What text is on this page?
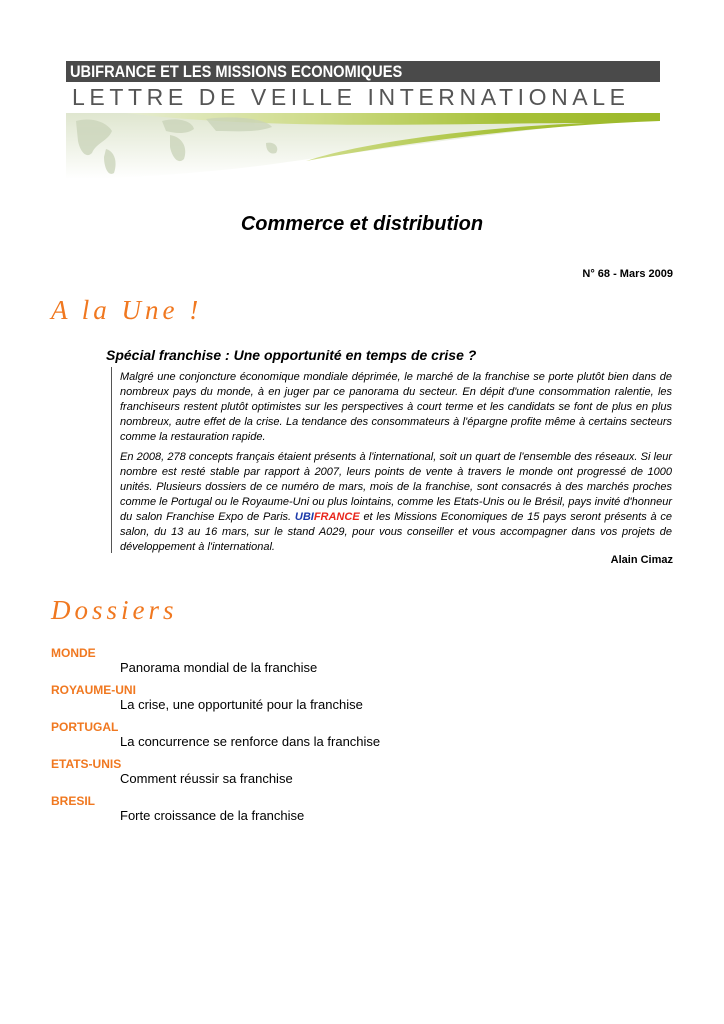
UBIFRANCE ET LES MISSIONS ECONOMIQUES
LETTRE DE VEILLE INTERNATIONALE
Commerce et distribution
N° 68 - Mars 2009
A la Une !
Spécial franchise : Une opportunité en temps de crise ?

Malgré une conjoncture économique mondiale déprimée, le marché de la franchise se porte plutôt bien dans de nombreux pays du monde, à en juger par ce panorama du secteur. En dépit d'une consommation ralentie, les franchiseurs restent plutôt optimistes sur les perspectives à court terme et les candidats se font de plus en plus nombreux, autre effet de la crise. La tendance des consommateurs à l'épargne profite même à certains secteurs comme la restauration rapide.

En 2008, 278 concepts français étaient présents à l'international, soit un quart de l'ensemble des réseaux. Si leur nombre est resté stable par rapport à 2007, leurs points de vente à travers le monde ont progressé de 1000 unités. Plusieurs dossiers de ce numéro de mars, mois de la franchise, sont consacrés à des marchés proches comme le Portugal ou le Royaume-Uni ou plus lointains, comme les Etats-Unis ou le Brésil, pays invité d'honneur du salon Franchise Expo de Paris. UBIFRANCE et les Missions Economiques de 15 pays seront présents à ce salon, du 13 au 16 mars, sur le stand A029, pour vous conseiller et vous accompagner dans vos projets de développement à l'international.

Alain Cimaz
Dossiers
MONDE
Panorama mondial de la franchise
ROYAUME-UNI
La crise, une opportunité pour la franchise
PORTUGAL
La concurrence se renforce dans la franchise
ETATS-UNIS
Comment réussir sa franchise
BRESIL
Forte croissance de la franchise
